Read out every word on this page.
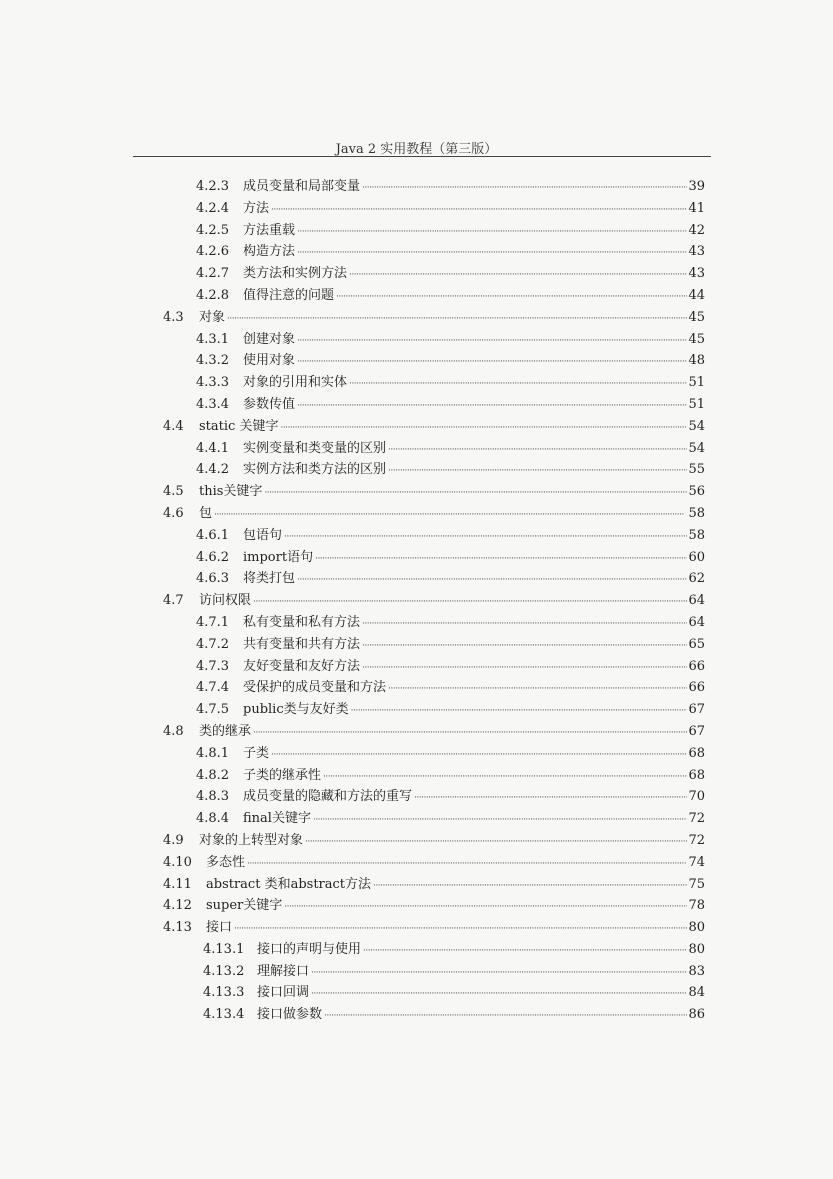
Java 2 实用教程（第三版）
4.2.3 成员变量和局部变量 ·····	39
4.2.4 方法 ·····	41
4.2.5 方法重载 ·····	42
4.2.6 构造方法 ·····	43
4.2.7 类方法和实例方法 ·····	43
4.2.8 值得注意的问题 ·····	44
4.3 对象 ·····	45
4.3.1 创建对象 ·····	45
4.3.2 使用对象 ·····	48
4.3.3 对象的引用和实体 ·····	51
4.3.4 参数传值 ·····	51
4.4 static 关键字 ·····	54
4.4.1 实例变量和类变量的区别 ·····	54
4.4.2 实例方法和类方法的区别 ·····	55
4.5 this关键字 ·····	56
4.6 包 ·····	58
4.6.1 包语句 ·····	58
4.6.2 import语句 ·····	60
4.6.3 将类打包 ·····	62
4.7 访问权限 ·····	64
4.7.1 私有变量和私有方法 ·····	64
4.7.2 共有变量和共有方法 ·····	65
4.7.3 友好变量和友好方法 ·····	66
4.7.4 受保护的成员变量和方法 ·····	66
4.7.5 public类与友好类 ·····	67
4.8 类的继承 ·····	67
4.8.1 子类 ·····	68
4.8.2 子类的继承性 ·····	68
4.8.3 成员变量的隐藏和方法的重写 ·····	70
4.8.4 final关键字 ·····	72
4.9 对象的上转型对象 ·····	72
4.10 多态性 ·····	74
4.11 abstract 类和abstract方法 ·····	75
4.12 super关键字 ·····	78
4.13 接口 ·····	80
4.13.1 接口的声明与使用 ·····	80
4.13.2 理解接口 ·····	83
4.13.3 接口回调 ·····	84
4.13.4 接口做参数 ·····	86
